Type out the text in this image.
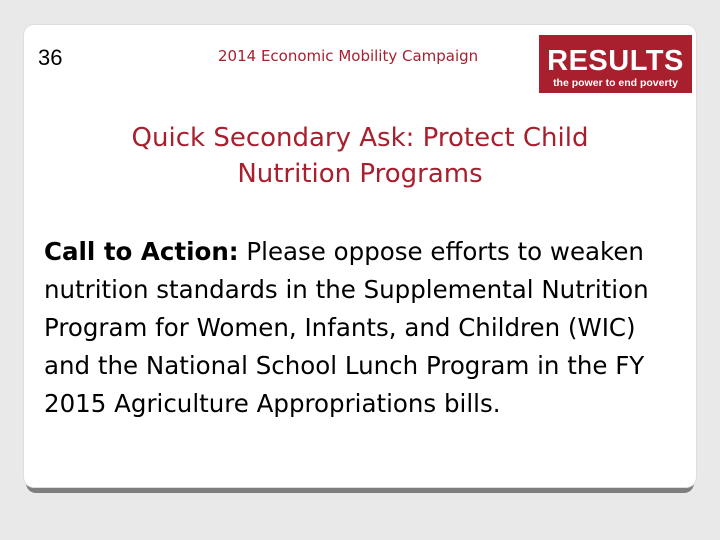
36	2014 Economic Mobility Campaign RESULTS
the power to end poverty
Quick Secondary Ask: Protect Child
Nutrition Programs
Call to Action: Please oppose efforts to weaken nutrition standards in the Supplemental Nutrition Program for Women, Infants, and Children (WIC) and the National School Lunch Program in the FY 2015 Agriculture Appropriations bills.
